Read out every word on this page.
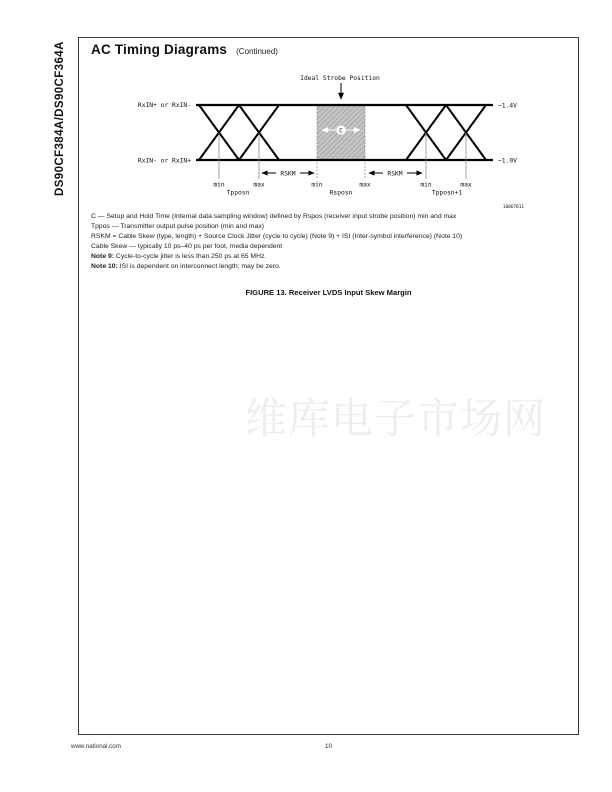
DS90CF384A/DS90CF364A AC Timing Diagrams (Continued)
Ideal Strobe Position
RxIN+ or RxIN-
RxIN- or RxIN+
~1.4V
~1.0V
C
RSKM	RSKM
min	max
Tpposn
min	max
Rsposn
min	max
Tpposn+1
10067011
C — Setup and Hold Time (Internal data sampling window) defined by Rspos (receiver input strobe position) min and max
Tppos — Transmitter output pulse position (min and max)
RSKM = Cable Skew (type, length) + Source Clock Jitter (cycle to cycle) (Note 9) + ISI (Inter-symbol interference) (Note 10)
Cable Skew — typically 10 ps–40 ps per foot, media dependent
Note 9: Cycle-to-cycle jitter is less than 250 ps at 65 MHz.
Note 10: ISI is dependent on interconnect length; may be zero.
FIGURE 13. Receiver LVDS Input Skew Margin
维库电子市场网
www.national.com	10
